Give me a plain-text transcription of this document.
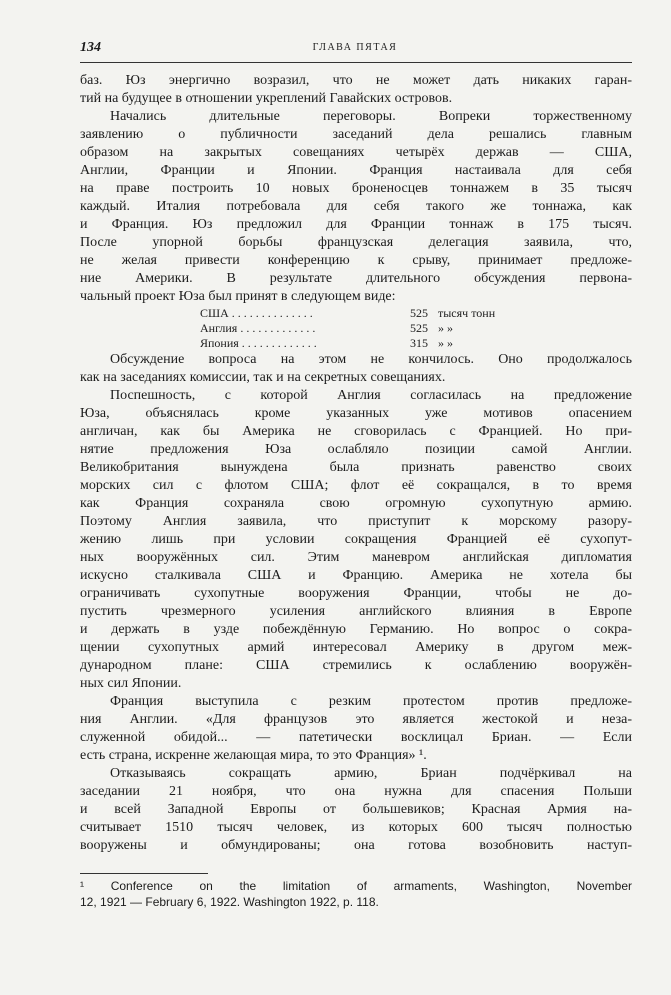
134	ГЛАВА ПЯТАЯ
баз. Юз энергично возразил, что не может дать никаких гаран-
тий на будущее в отношении укреплений Гавайских островов.
Начались длительные переговоры. Вопреки торжественному
заявлению о публичности заседаний дела решались главным
образом на закрытых совещаниях четырёх держав — США,
Англии, Франции и Японии. Франция настаивала для себя
на праве построить 10 новых броненосцев тоннажем в 35 тысяч
каждый. Италия потребовала для себя такого же тоннажа, как
и Франция. Юз предложил для Франции тоннаж в 175 тысяч.
После упорной борьбы французская делегация заявила, что,
не желая привести конференцию к срыву, принимает предложе-
ние Америки. В результате длительного обсуждения первона-
чальный проект Юза был принят в следующем виде:
США . . . . . . . . . . . . . .	525 тысяч тонн
Англия . . . . . . . . . . . . .	525 » »
Япония . . . . . . . . . . . . .	315 » »
Обсуждение вопроса на этом не кончилось. Оно продолжалось
как на заседаниях комиссии, так и на секретных совещаниях.
Поспешность, с которой Англия согласилась на предложение
Юза, объяснялась кроме указанных уже мотивов опасением
англичан, как бы Америка не сговорилась с Францией. Но при-
нятие предложения Юза ослабляло позиции самой Англии.
Великобритания вынуждена была признать равенство своих
морских сил с флотом США; флот её сокращался, в то время
как Франция сохраняла свою огромную сухопутную армию.
Поэтому Англия заявила, что приступит к морскому разору-
жению лишь при условии сокращения Францией её сухопут-
ных вооружённых сил. Этим маневром английская дипломатия
искусно сталкивала США и Францию. Америка не хотела бы
ограничивать сухопутные вооружения Франции, чтобы не до-
пустить чрезмерного усиления английского влияния в Европе
и держать в узде побеждённую Германию. Но вопрос о сокра-
щении сухопутных армий интересовал Америку в другом меж-
дународном плане: США стремились к ослаблению вооружён-
ных сил Японии.
Франция выступила с резким протестом против предложе-
ния Англии. «Для французов это является жестокой и неза-
служенной обидой... — патетически восклицал Бриан. — Если
есть страна, искренне желающая мира, то это Франция» ¹.
Отказываясь сокращать армию, Бриан подчёркивал на
заседании 21 ноября, что она нужна для спасения Польши
и всей Западной Европы от большевиков; Красная Армия на-
считывает 1510 тысяч человек, из которых 600 тысяч полностью
вооружены и обмундированы; она готова возобновить наступ-
¹ Conference on the limitation of armaments, Washington, November
12, 1921 — February 6, 1922. Washington 1922, p. 118.
